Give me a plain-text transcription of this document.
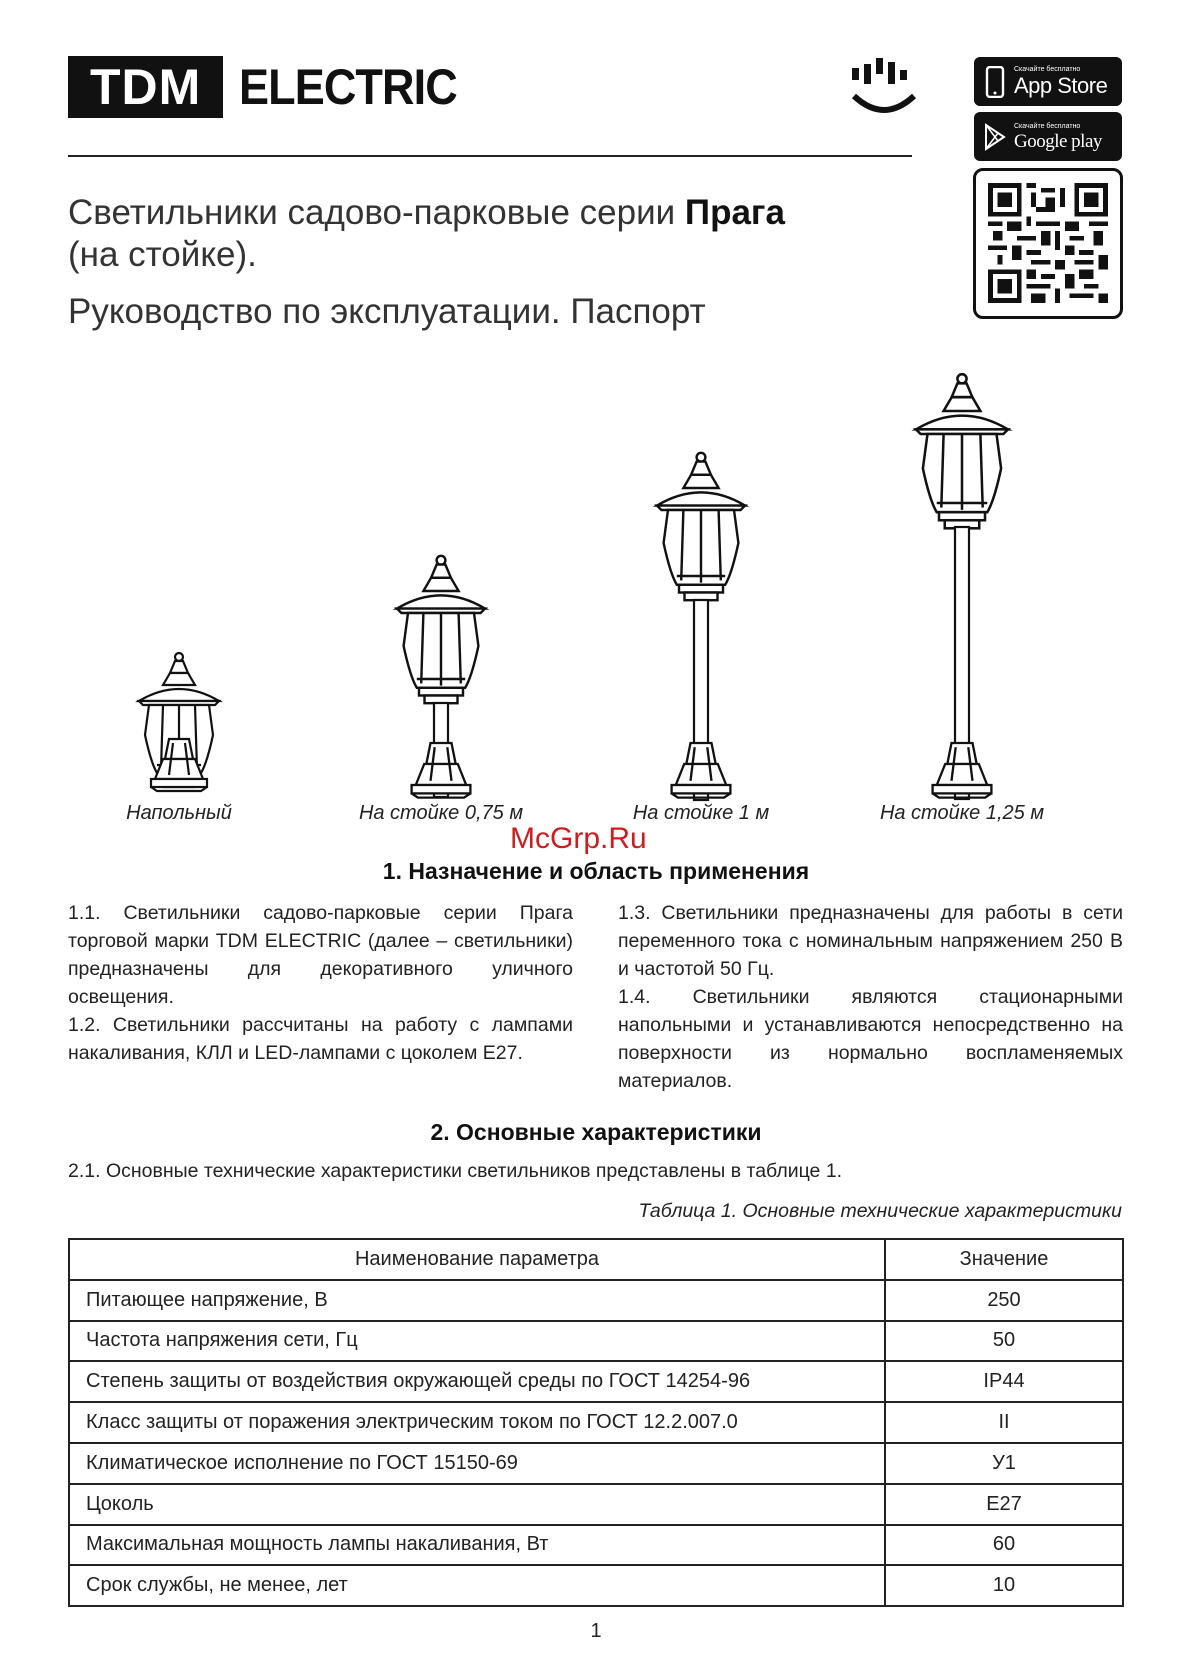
TDM ELECTRIC	Скачайте бесплатно
App Store
Скачайте бесплатно
Google play
Светильники садово-парковые серии Прага
(на стойке).
Руководство по эксплуатации. Паспорт
Напольный	На стойке 0,75 м	На стойке 1 м	На стойке 1,25 м
McGrp.Ru
1. Назначение и область применения

1.1. Светильники садово-парковые серии Прага торговой марки TDM ELECTRIC (далее – светильники) предназначены для декоративного уличного освещения.

1.2. Светильники рассчитаны на работу с лампами накаливания, КЛЛ и LED-лампами с цоколем Е27.

1.3. Светильники предназначены для работы в сети переменного тока с номинальным напряжением 250 В и частотой 50 Гц.

1.4. Светильники являются стационарными напольными и устанавливаются непосредственно на поверхности из нормально воспламеняемых материалов.

2. Основные характеристики
2.1. Основные технические характеристики светильников представлены в таблице 1.
Таблица 1. Основные технические характеристики
Наименование параметра	Значение
Питающее напряжение, В	250
Частота напряжения сети, Гц	50
Степень защиты от воздействия окружающей среды по ГОСТ 14254-96	IP44
Класс защиты от поражения электрическим током по ГОСТ 12.2.007.0	II
Климатическое исполнение по ГОСТ 15150-69	У1
Цоколь	Е27
Максимальная мощность лампы накаливания, Вт	60
Срок службы, не менее, лет	10
1
